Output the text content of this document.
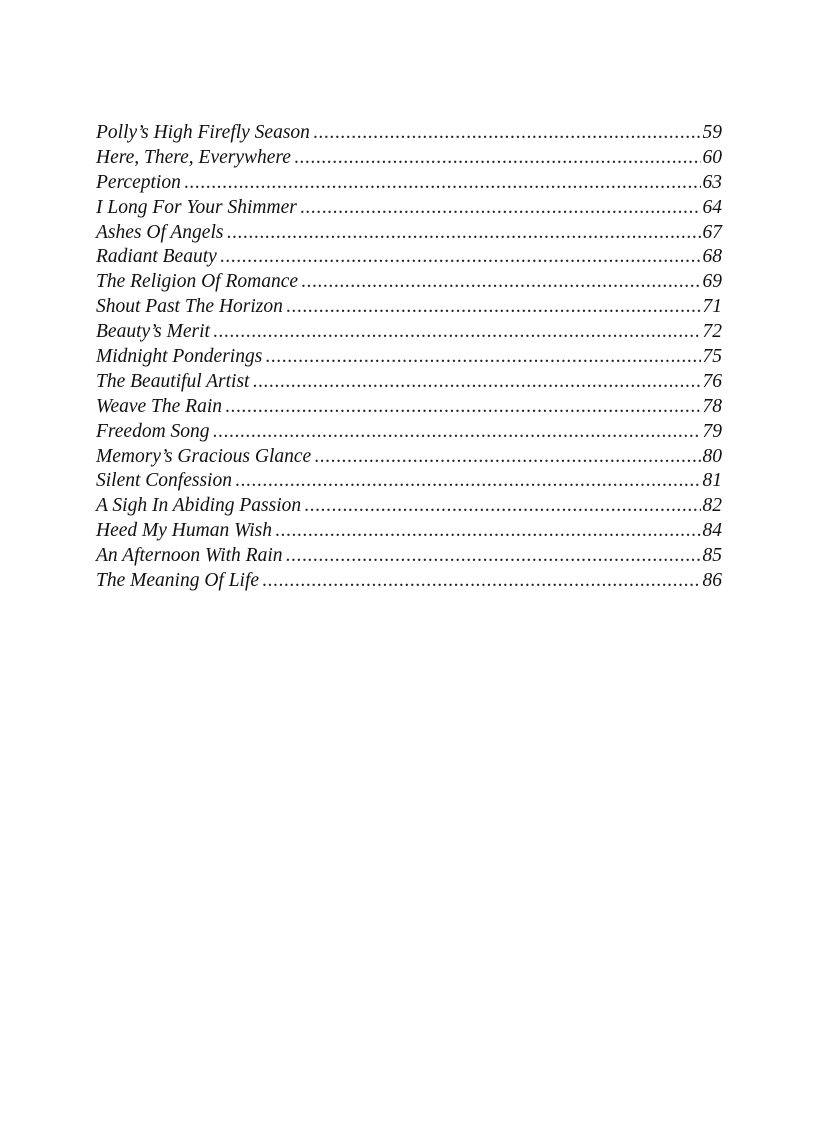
Polly’s High Firefly Season .....	59
Here, There, Everywhere .....	60
Perception .....	63
I Long For Your Shimmer .....	64
Ashes Of Angels .....	67
Radiant Beauty .....	68
The Religion Of Romance .....	69
Shout Past The Horizon .....	71
Beauty’s Merit .....	72
Midnight Ponderings .....	75
The Beautiful Artist .....	76
Weave The Rain .....	78
Freedom Song .....	79
Memory’s Gracious Glance .....	80
Silent Confession .....	81
A Sigh In Abiding Passion .....	82
Heed My Human Wish .....	84
An Afternoon With Rain .....	85
The Meaning Of Life .....	86
